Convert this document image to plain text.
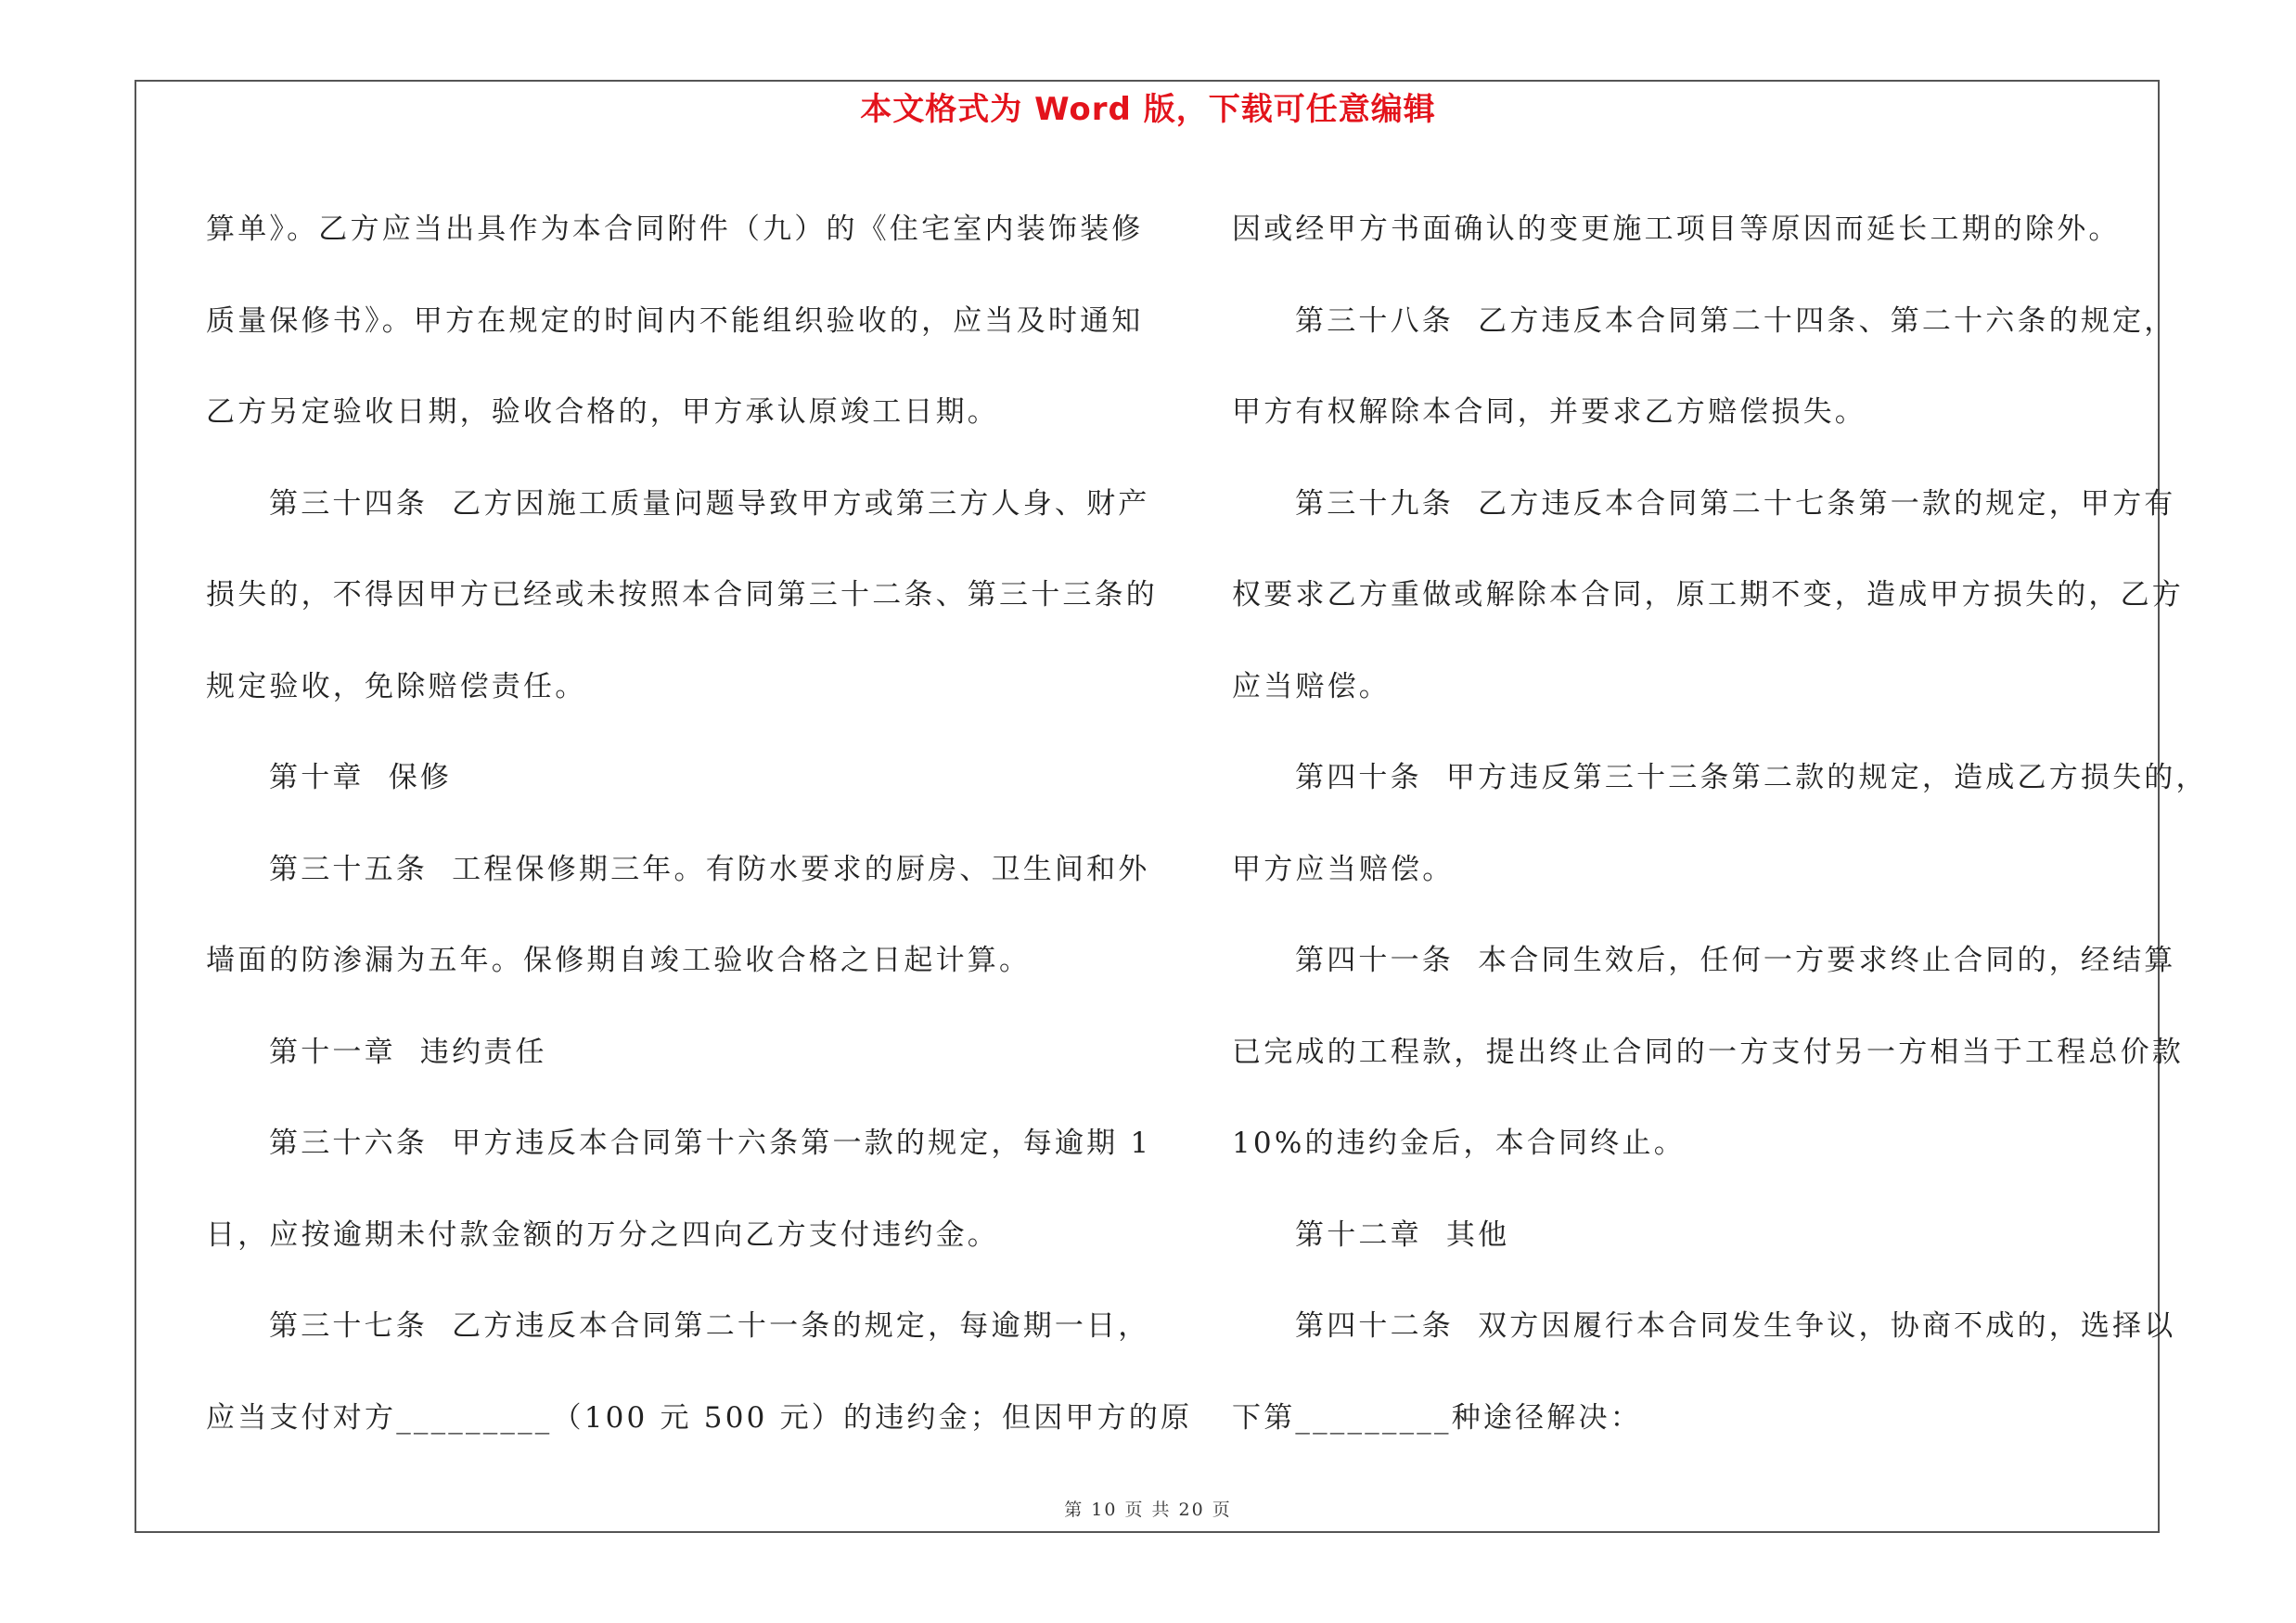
本文格式为 Word 版，下载可任意编辑

算单》。乙方应当出具作为本合同附件（九）的《住宅室内装饰装修

质量保修书》。甲方在规定的时间内不能组织验收的，应当及时通知

乙方另定验收日期，验收合格的，甲方承认原竣工日期。

第三十四条  乙方因施工质量问题导致甲方或第三方人身、财产

损失的，不得因甲方已经或未按照本合同第三十二条、第三十三条的

规定验收，免除赔偿责任。

第十章  保修

第三十五条  工程保修期三年。有防水要求的厨房、卫生间和外

墙面的防渗漏为五年。保修期自竣工验收合格之日起计算。

第十一章  违约责任

第三十六条  甲方违反本合同第十六条第一款的规定，每逾期 1

日，应按逾期未付款金额的万分之四向乙方支付违约金。

第三十七条  乙方违反本合同第二十一条的规定，每逾期一日，

应当支付对方_________（100 元 500 元）的违约金；但因甲方的原

因或经甲方书面确认的变更施工项目等原因而延长工期的除外。

第三十八条  乙方违反本合同第二十四条、第二十六条的规定，

甲方有权解除本合同，并要求乙方赔偿损失。

第三十九条  乙方违反本合同第二十七条第一款的规定，甲方有

权要求乙方重做或解除本合同，原工期不变，造成甲方损失的，乙方

应当赔偿。

第四十条  甲方违反第三十三条第二款的规定，造成乙方损失的，

甲方应当赔偿。

第四十一条  本合同生效后，任何一方要求终止合同的，经结算

已完成的工程款，提出终止合同的一方支付另一方相当于工程总价款

10%的违约金后，本合同终止。

第十二章  其他

第四十二条  双方因履行本合同发生争议，协商不成的，选择以

下第_________种途径解决：

第 10 页 共 20 页
